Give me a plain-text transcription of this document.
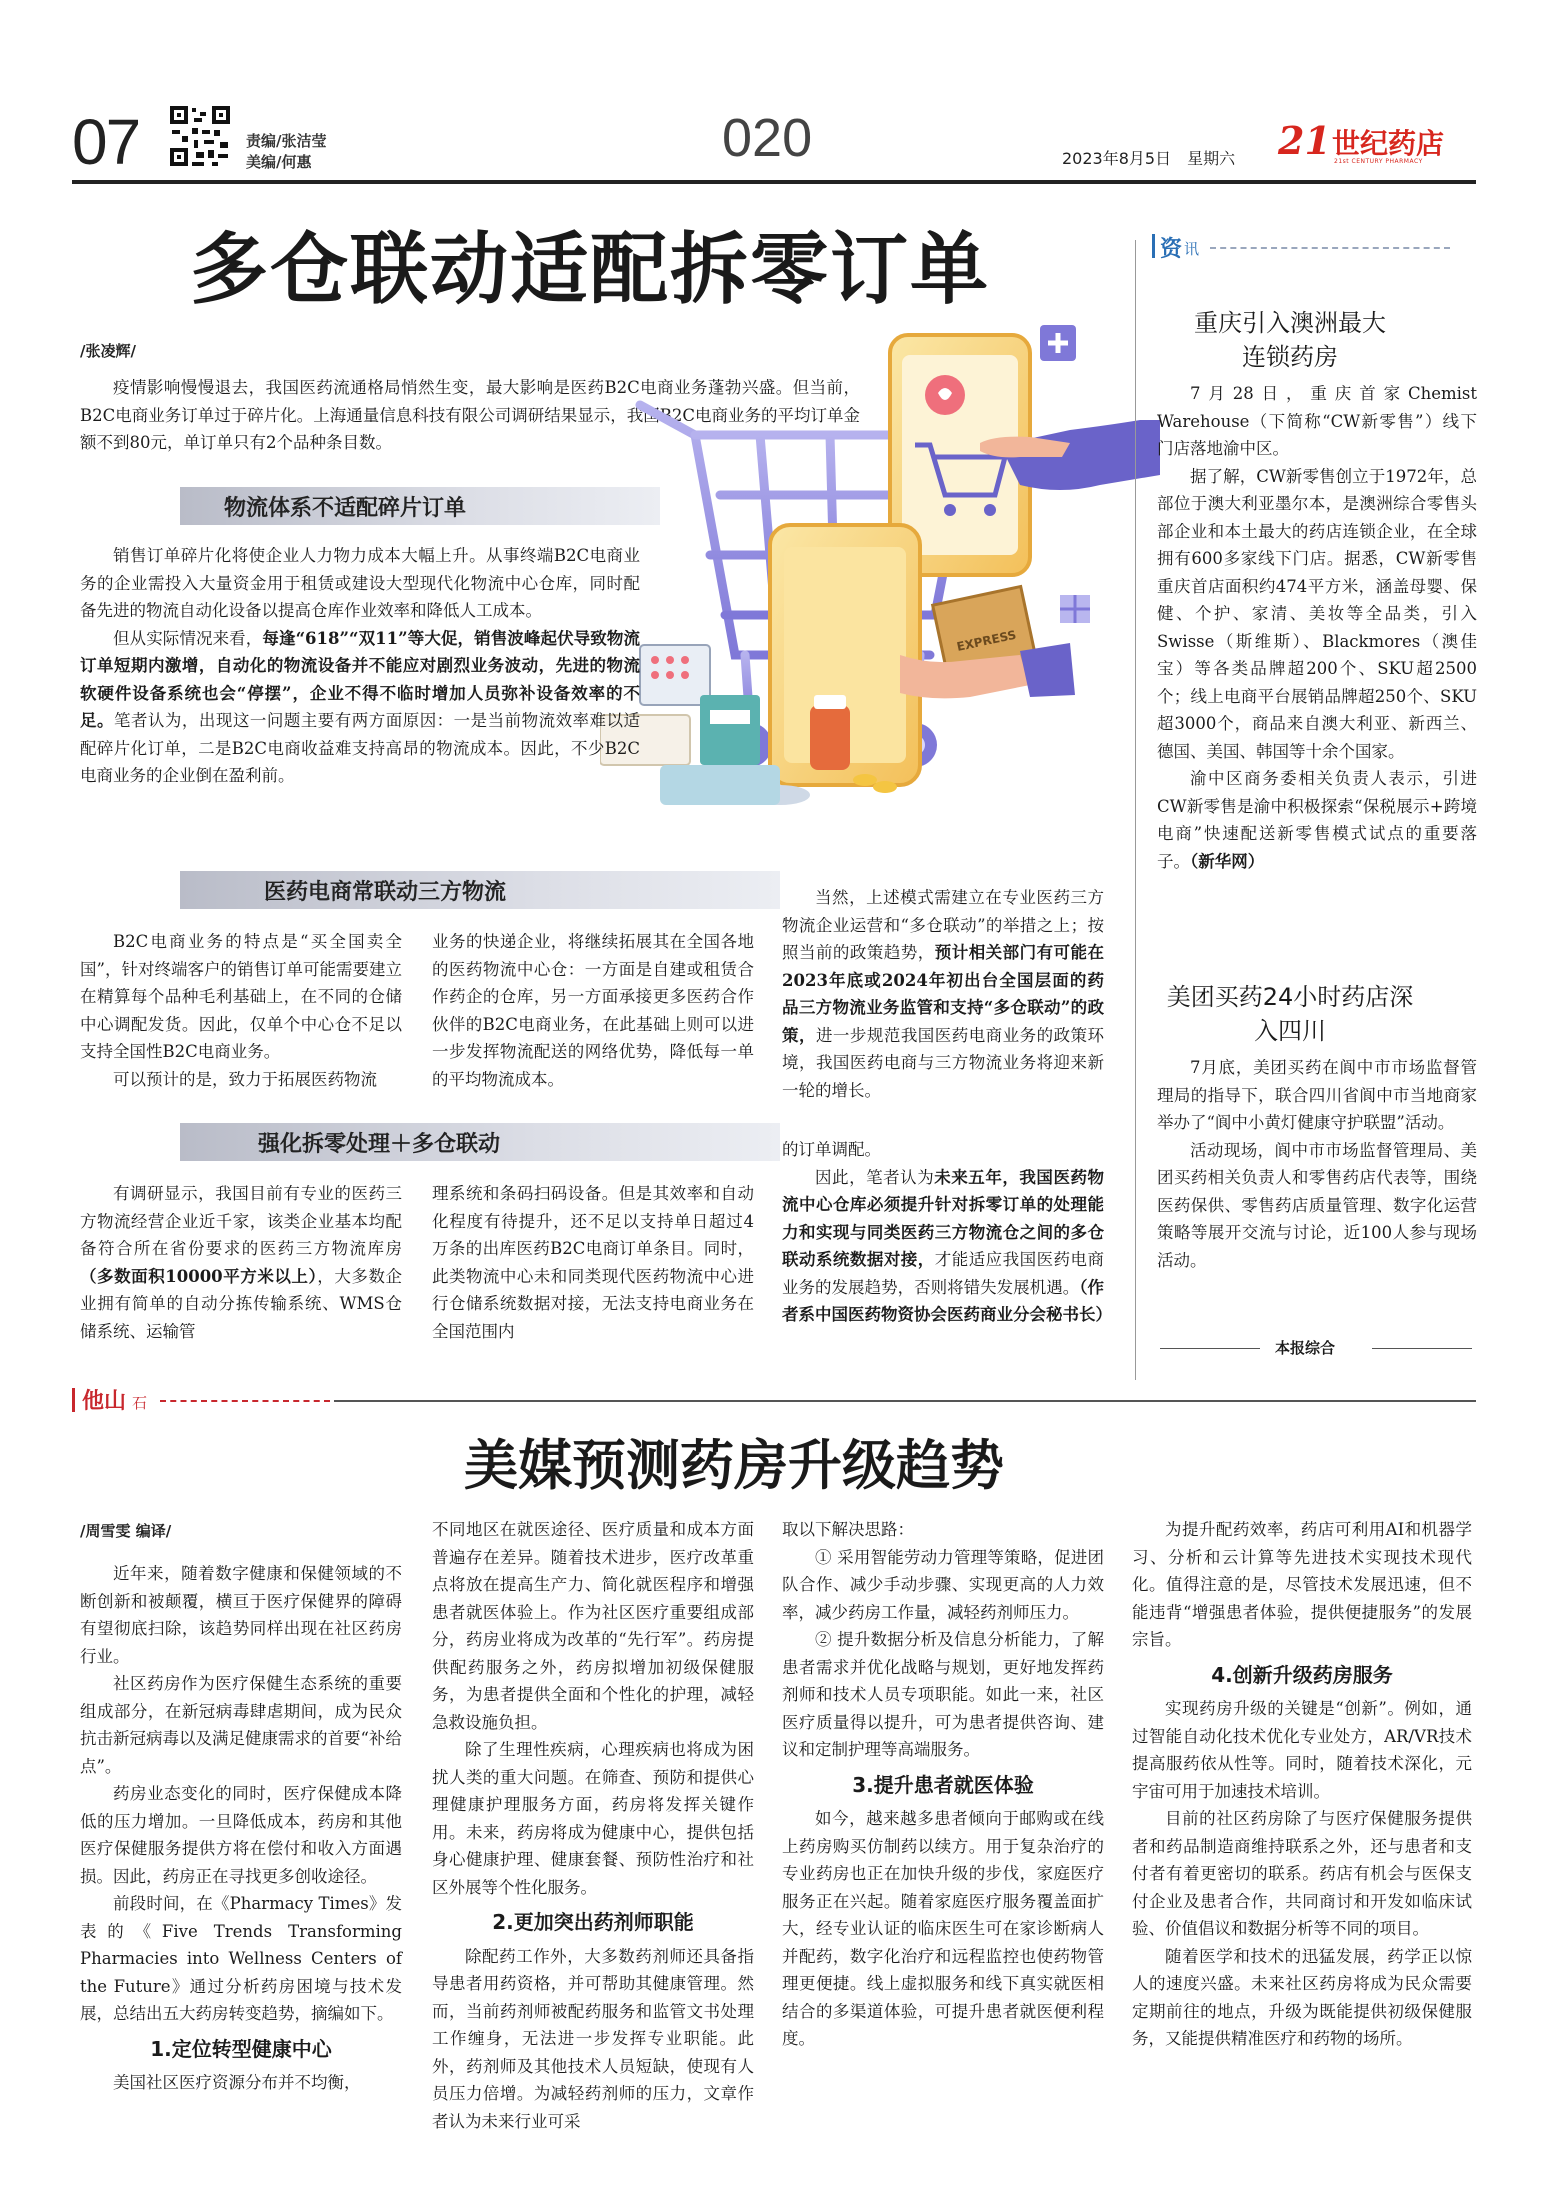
07	责编/张洁莹
美编/何惠	020	2023年8月5日　星期六 21 世纪药店
21st CENTURY PHARMACY
多仓联动适配拆零订单
/张凌辉/

疫情影响慢慢退去，我国医药流通格局悄然生变，最大影响是医药B2C电商业务蓬勃兴盛。但当前，B2C电商业务订单过于碎片化。上海通量信息科技有限公司调研结果显示，我国B2C电商业务的平均订单金额不到80元，单订单只有2个品种条目数。

EXPRESS
物流体系不适配碎片订单

销售订单碎片化将使企业人力物力成本大幅上升。从事终端B2C电商业务的企业需投入大量资金用于租赁或建设大型现代化物流中心仓库，同时配备先进的物流自动化设备以提高仓库作业效率和降低人工成本。

但从实际情况来看，每逢“618”“双11”等大促，销售波峰起伏导致物流订单短期内激增，自动化的物流设备并不能应对剧烈业务波动，先进的物流软硬件设备系统也会“停摆”，企业不得不临时增加人员弥补设备效率的不足。笔者认为，出现这一问题主要有两方面原因：一是当前物流效率难以适配碎片化订单，二是B2C电商收益难支持高昂的物流成本。因此，不少B2C电商业务的企业倒在盈利前。

医药电商常联动三方物流

B2C电商业务的特点是“买全国卖全国”，针对终端客户的销售订单可能需要建立在精算每个品种毛利基础上，在不同的仓储中心调配发货。因此，仅单个中心仓不足以支持全国性B2C电商业务。

可以预计的是，致力于拓展医药物流

业务的快递企业，将继续拓展其在全国各地的医药物流中心仓：一方面是自建或租赁合作药企的仓库，另一方面承接更多医药合作伙伴的B2C电商业务，在此基础上则可以进一步发挥物流配送的网络优势，降低每一单的平均物流成本。

当然，上述模式需建立在专业医药三方物流企业运营和“多仓联动”的举措之上；按照当前的政策趋势，预计相关部门有可能在2023年底或2024年初出台全国层面的药品三方物流业务监管和支持“多仓联动”的政策，进一步规范我国医药电商业务的政策环境，我国医药电商与三方物流业务将迎来新一轮的增长。

强化拆零处理＋多仓联动

有调研显示，我国目前有专业的医药三方物流经营企业近千家，该类企业基本均配备符合所在省份要求的医药三方物流库房（多数面积10000平方米以上），大多数企业拥有简单的自动分拣传输系统、WMS仓储系统、运输管

理系统和条码扫码设备。但是其效率和自动化程度有待提升，还不足以支持单日超过4万条的出库医药B2C电商订单条目。同时，此类物流中心未和同类现代医药物流中心进行仓储系统数据对接，无法支持电商业务在全国范围内

的订单调配。

因此，笔者认为未来五年，我国医药物流中心仓库必须提升针对拆零订单的处理能力和实现与同类医药三方物流仓之间的多仓联动系统数据对接，才能适应我国医药电商业务的发展趋势，否则将错失发展机遇。（作者系中国医药物资协会医药商业分会秘书长）

资 讯
重庆引入澳洲最大连锁药房

7月28日，重庆首家Chemist Warehouse（下简称“CW新零售”）线下门店落地渝中区。

据了解，CW新零售创立于1972年，总部位于澳大利亚墨尔本，是澳洲综合零售头部企业和本土最大的药店连锁企业，在全球拥有600多家线下门店。据悉，CW新零售重庆首店面积约474平方米，涵盖母婴、保健、个护、家清、美妆等全品类，引入Swisse（斯维斯）、Blackmores（澳佳宝）等各类品牌超200个、SKU超2500个；线上电商平台展销品牌超250个、SKU超3000个，商品来自澳大利亚、新西兰、德国、美国、韩国等十余个国家。

渝中区商务委相关负责人表示，引进CW新零售是渝中积极探索“保税展示+跨境电商”快速配送新零售模式试点的重要落子。（新华网）

美团买药24小时药店深入四川

7月底，美团买药在阆中市市场监督管理局的指导下，联合四川省阆中市当地商家举办了“阆中小黄灯健康守护联盟”活动。

活动现场，阆中市市场监督管理局、美团买药相关负责人和零售药店代表等，围绕医药保供、零售药店质量管理、数字化运营策略等展开交流与讨论，近100人参与现场活动。

本报综合
他山 石
美媒预测药房升级趋势
/周雪雯 编译/

近年来，随着数字健康和保健领域的不断创新和被颠覆，横亘于医疗保健界的障碍有望彻底扫除，该趋势同样出现在社区药房行业。

社区药房作为医疗保健生态系统的重要组成部分，在新冠病毒肆虐期间，成为民众抗击新冠病毒以及满足健康需求的首要“补给点”。

药房业态变化的同时，医疗保健成本降低的压力增加。一旦降低成本，药房和其他医疗保健服务提供方将在偿付和收入方面遇损。因此，药房正在寻找更多创收途径。

前段时间，在《Pharmacy Times》发表的《Five Trends Transforming Pharmacies into Wellness Centers of the Future》通过分析药房困境与技术发展，总结出五大药房转变趋势，摘编如下。

1.定位转型健康中心

美国社区医疗资源分布并不均衡，

不同地区在就医途径、医疗质量和成本方面普遍存在差异。随着技术进步，医疗改革重点将放在提高生产力、简化就医程序和增强患者就医体验上。作为社区医疗重要组成部分，药房业将成为改革的“先行军”。药房提供配药服务之外，药房拟增加初级保健服务，为患者提供全面和个性化的护理，减轻急救设施负担。

除了生理性疾病，心理疾病也将成为困扰人类的重大问题。在筛查、预防和提供心理健康护理服务方面，药房将发挥关键作用。未来，药房将成为健康中心，提供包括身心健康护理、健康套餐、预防性治疗和社区外展等个性化服务。

2.更加突出药剂师职能

除配药工作外，大多数药剂师还具备指导患者用药资格，并可帮助其健康管理。然而，当前药剂师被配药服务和监管文书处理工作缠身，无法进一步发挥专业职能。此外，药剂师及其他技术人员短缺，使现有人员压力倍增。为减轻药剂师的压力，文章作者认为未来行业可采

取以下解决思路：

① 采用智能劳动力管理等策略，促进团队合作、减少手动步骤、实现更高的人力效率，减少药房工作量，减轻药剂师压力。

② 提升数据分析及信息分析能力，了解患者需求并优化战略与规划，更好地发挥药剂师和技术人员专项职能。如此一来，社区医疗质量得以提升，可为患者提供咨询、建议和定制护理等高端服务。

3.提升患者就医体验

如今，越来越多患者倾向于邮购或在线上药房购买仿制药以续方。用于复杂治疗的专业药房也正在加快升级的步伐，家庭医疗服务正在兴起。随着家庭医疗服务覆盖面扩大，经专业认证的临床医生可在家诊断病人并配药，数字化治疗和远程监控也使药物管理更便捷。线上虚拟服务和线下真实就医相结合的多渠道体验，可提升患者就医便利程度。

为提升配药效率，药店可利用AI和机器学习、分析和云计算等先进技术实现技术现代化。值得注意的是，尽管技术发展迅速，但不能违背“增强患者体验，提供便捷服务”的发展宗旨。

4.创新升级药房服务

实现药房升级的关键是“创新”。例如，通过智能自动化技术优化专业处方，AR/VR技术提高服药依从性等。同时，随着技术深化，元宇宙可用于加速技术培训。

目前的社区药房除了与医疗保健服务提供者和药品制造商维持联系之外，还与患者和支付者有着更密切的联系。药店有机会与医保支付企业及患者合作，共同商讨和开发如临床试验、价值倡议和数据分析等不同的项目。

随着医学和技术的迅猛发展，药学正以惊人的速度兴盛。未来社区药房将成为民众需要定期前往的地点，升级为既能提供初级保健服务，又能提供精准医疗和药物的场所。
